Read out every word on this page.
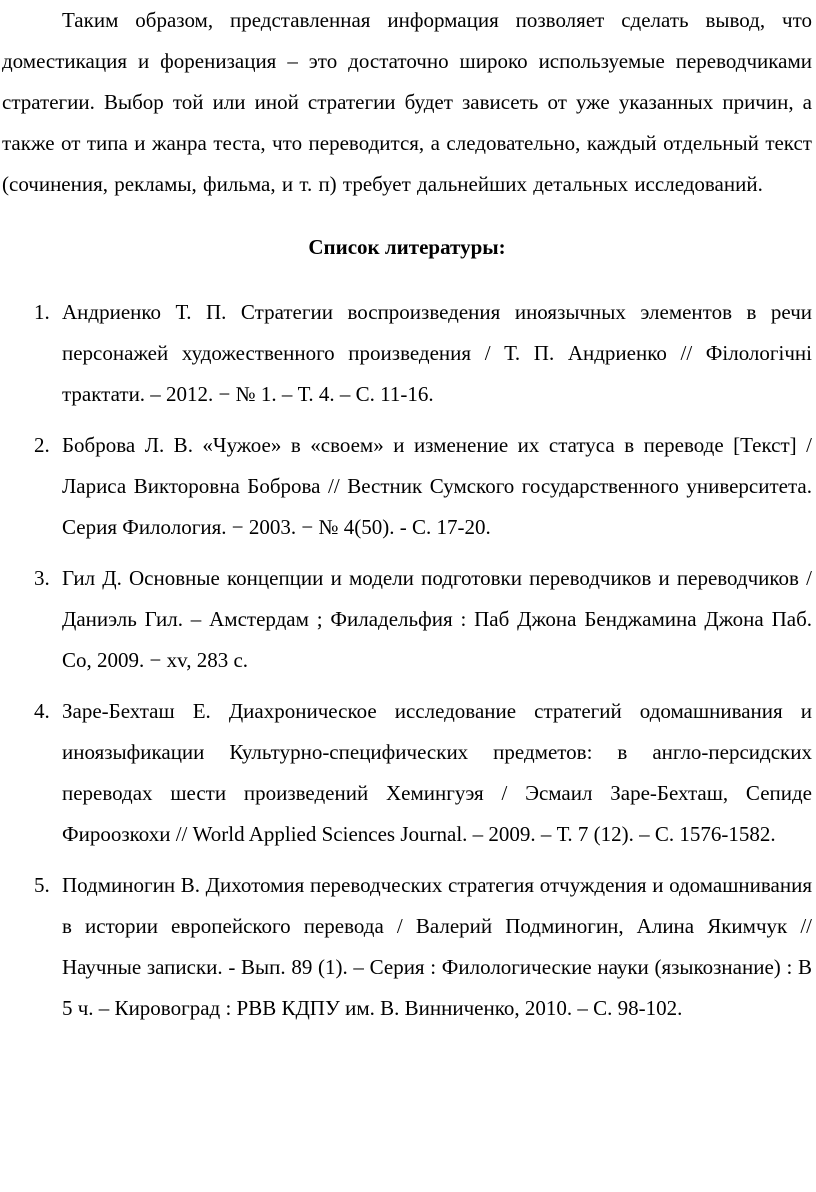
Таким образом, представленная информация позволяет сделать вывод, что доместикация и форенизация – это достаточно широко используемые переводчиками стратегии. Выбор той или иной стратегии будет зависеть от уже указанных причин, а также от типа и жанра теста, что переводится, а следовательно, каждый отдельный текст (сочинения, рекламы, фильма, и т. п) требует дальнейших детальных исследований.

Список литературы:
1. Андриенко Т. П. Стратегии воспроизведения иноязычных элементов в речи персонажей художественного произведения / Т. П. Андриенко // Філологічні трактати. – 2012. − № 1. – Т. 4. – С. 11-16.
2. Боброва Л. В. «Чужое» в «своем» и изменение их статуса в переводе [Текст] / Лариса Викторовна Боброва // Вестник Сумского государственного университета. Серия Филология. − 2003. − № 4(50). - С. 17-20.
3. Гил Д. Основные концепции и модели подготовки переводчиков и переводчиков / Даниэль Гил. – Амстердам ; Филадельфия : Паб Джона Бенджамина Джона Паб. Co, 2009. − xv, 283 с.
4. Заре-Бехташ Е. Диахроническое исследование стратегий одомашнивания и иноязыфикации Культурно-специфических предметов: в англо-персидских переводах шести произведений Хемингуэя / Эсмаил Заре-Бехташ, Сепиде Фироозкохи // World Applied Sciences Journal. – 2009. – Т. 7 (12). – С. 1576-1582.
5. Подминогин В. Дихотомия переводческих стратегия отчуждения и одомашнивания в истории европейского перевода / Валерий Подминогин, Алина Якимчук // Научные записки. - Вып. 89 (1). – Серия : Филологические науки (языкознание) : В 5 ч. – Кировоград : РВВ КДПУ им. В. Винниченко, 2010. – С. 98-102.
